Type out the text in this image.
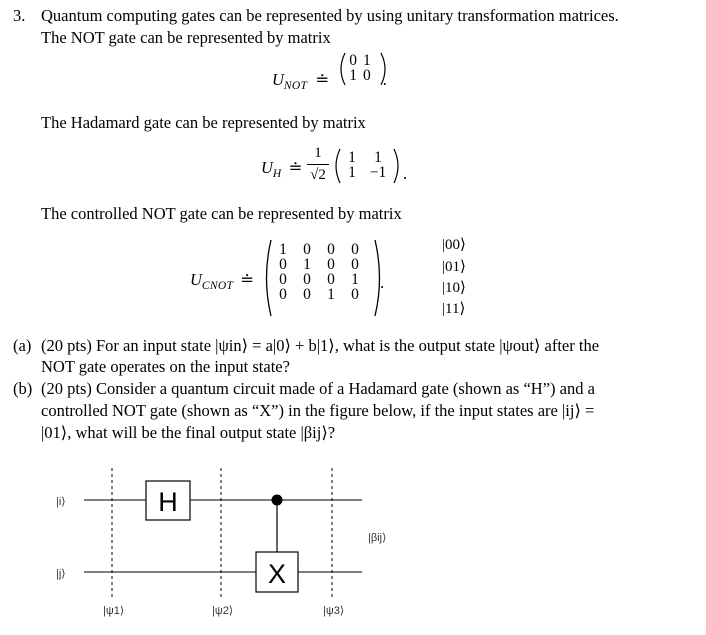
3. Quantum computing gates can be represented by using unitary transformation matrices.
The NOT gate can be represented by matrix
$U_{NOT}$ ≐
0	1
1	0 .
The Hadamard gate can be represented by matrix
$U_H$ ≐
1
√2
1	1
1	−1 .
The controlled NOT gate can be represented by matrix
$U_{CNOT}$ ≐
1	0	0	0
0	1	0	0
0	0	0	1
0	0	1	0
.
|00⟩
|01⟩
|10⟩
|11⟩
(a) (20 pts) For an input state |ψin⟩ = a|0⟩ + b|1⟩, what is the output state |ψout⟩ after the
NOT gate operates on the input state?
(b) (20 pts) Consider a quantum circuit made of a Hadamard gate (shown as “H”) and a
controlled NOT gate (shown as “X”) in the figure below, if the input states are |ij⟩ =
|01⟩, what will be the final output state |βij⟩?
H
X
|i⟩
|j⟩
|βij⟩
|ψ1⟩	|ψ2⟩	|ψ3⟩
